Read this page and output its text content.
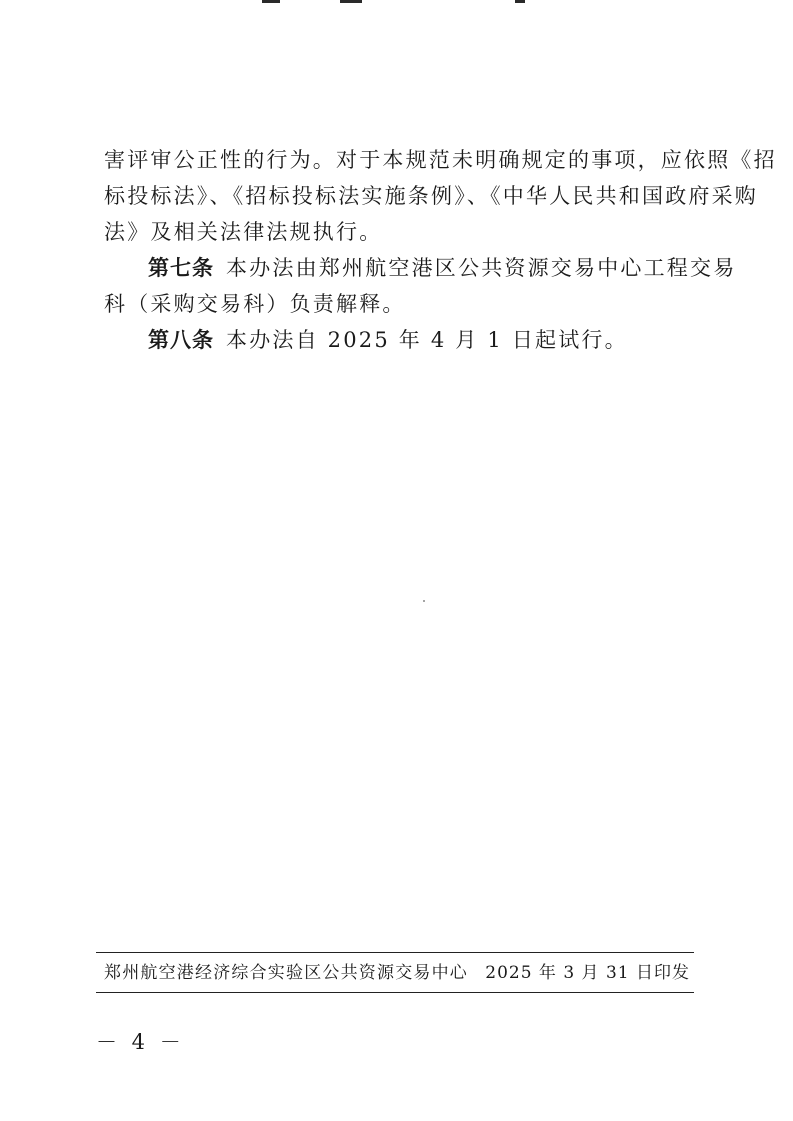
害评审公正性的行为。对于本规范未明确规定的事项，应依照《招
标投标法》、《招标投标法实施条例》、《中华人民共和国政府采购
法》及相关法律法规执行。
第七条 本办法由郑州航空港区公共资源交易中心工程交易
科（采购交易科）负责解释。
第八条 本办法自 2025 年 4 月 1 日起试行。
郑州航空港经济综合实验区公共资源交易中心 2025 年 3 月 31 日印发
－ 4 －
